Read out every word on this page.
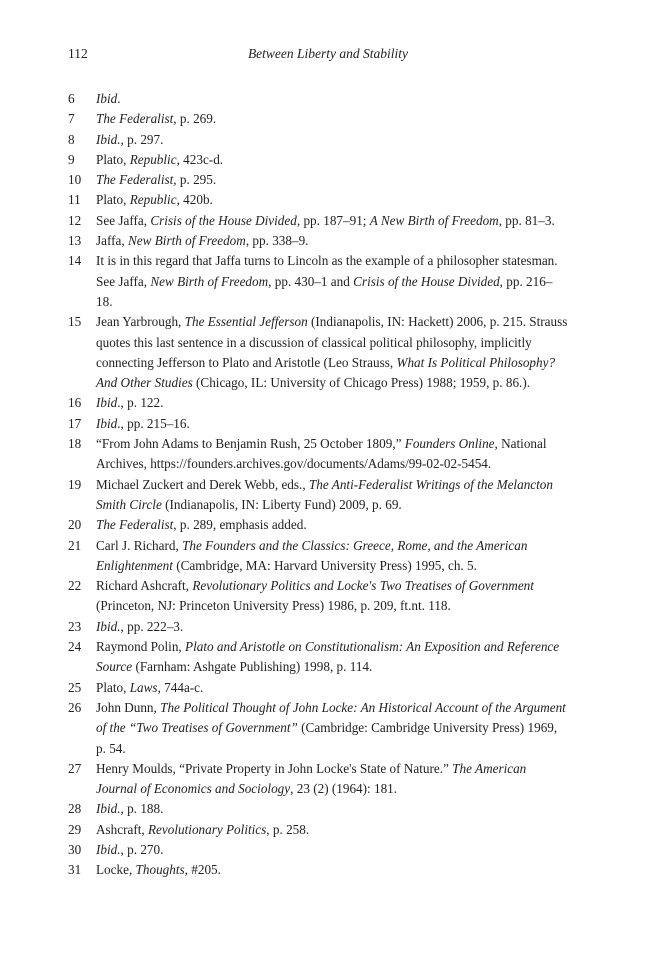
112	Between Liberty and Stability
6	Ibid.
7	The Federalist, p. 269.
8	Ibid., p. 297.
9	Plato, Republic, 423c-d.
10	The Federalist, p. 295.
11	Plato, Republic, 420b.
12	See Jaffa, Crisis of the House Divided, pp. 187–91; A New Birth of Freedom, pp. 81–3.
13	Jaffa, New Birth of Freedom, pp. 338–9.
14	It is in this regard that Jaffa turns to Lincoln as the example of a philosopher statesman. See Jaffa, New Birth of Freedom, pp. 430–1 and Crisis of the House Divided, pp. 216–18.
15	Jean Yarbrough, The Essential Jefferson (Indianapolis, IN: Hackett) 2006, p. 215. Strauss quotes this last sentence in a discussion of classical political philosophy, implicitly connecting Jefferson to Plato and Aristotle (Leo Strauss, What Is Political Philosophy? And Other Studies (Chicago, IL: University of Chicago Press) 1988; 1959, p. 86.).
16	Ibid., p. 122.
17	Ibid., pp. 215–16.
18	“From John Adams to Benjamin Rush, 25 October 1809,” Founders Online, National Archives, https://founders.archives.gov/documents/Adams/99-02-02-5454.
19	Michael Zuckert and Derek Webb, eds., The Anti-Federalist Writings of the Melancton Smith Circle (Indianapolis, IN: Liberty Fund) 2009, p. 69.
20	The Federalist, p. 289, emphasis added.
21	Carl J. Richard, The Founders and the Classics: Greece, Rome, and the American Enlightenment (Cambridge, MA: Harvard University Press) 1995, ch. 5.
22	Richard Ashcraft, Revolutionary Politics and Locke's Two Treatises of Government (Princeton, NJ: Princeton University Press) 1986, p. 209, ft.nt. 118.
23	Ibid., pp. 222–3.
24	Raymond Polin, Plato and Aristotle on Constitutionalism: An Exposition and Reference Source (Farnham: Ashgate Publishing) 1998, p. 114.
25	Plato, Laws, 744a-c.
26	John Dunn, The Political Thought of John Locke: An Historical Account of the Argument of the “Two Treatises of Government” (Cambridge: Cambridge University Press) 1969, p. 54.
27	Henry Moulds, “Private Property in John Locke's State of Nature.” The American Journal of Economics and Sociology, 23 (2) (1964): 181.
28	Ibid., p. 188.
29	Ashcraft, Revolutionary Politics, p. 258.
30	Ibid., p. 270.
31	Locke, Thoughts, #205.
